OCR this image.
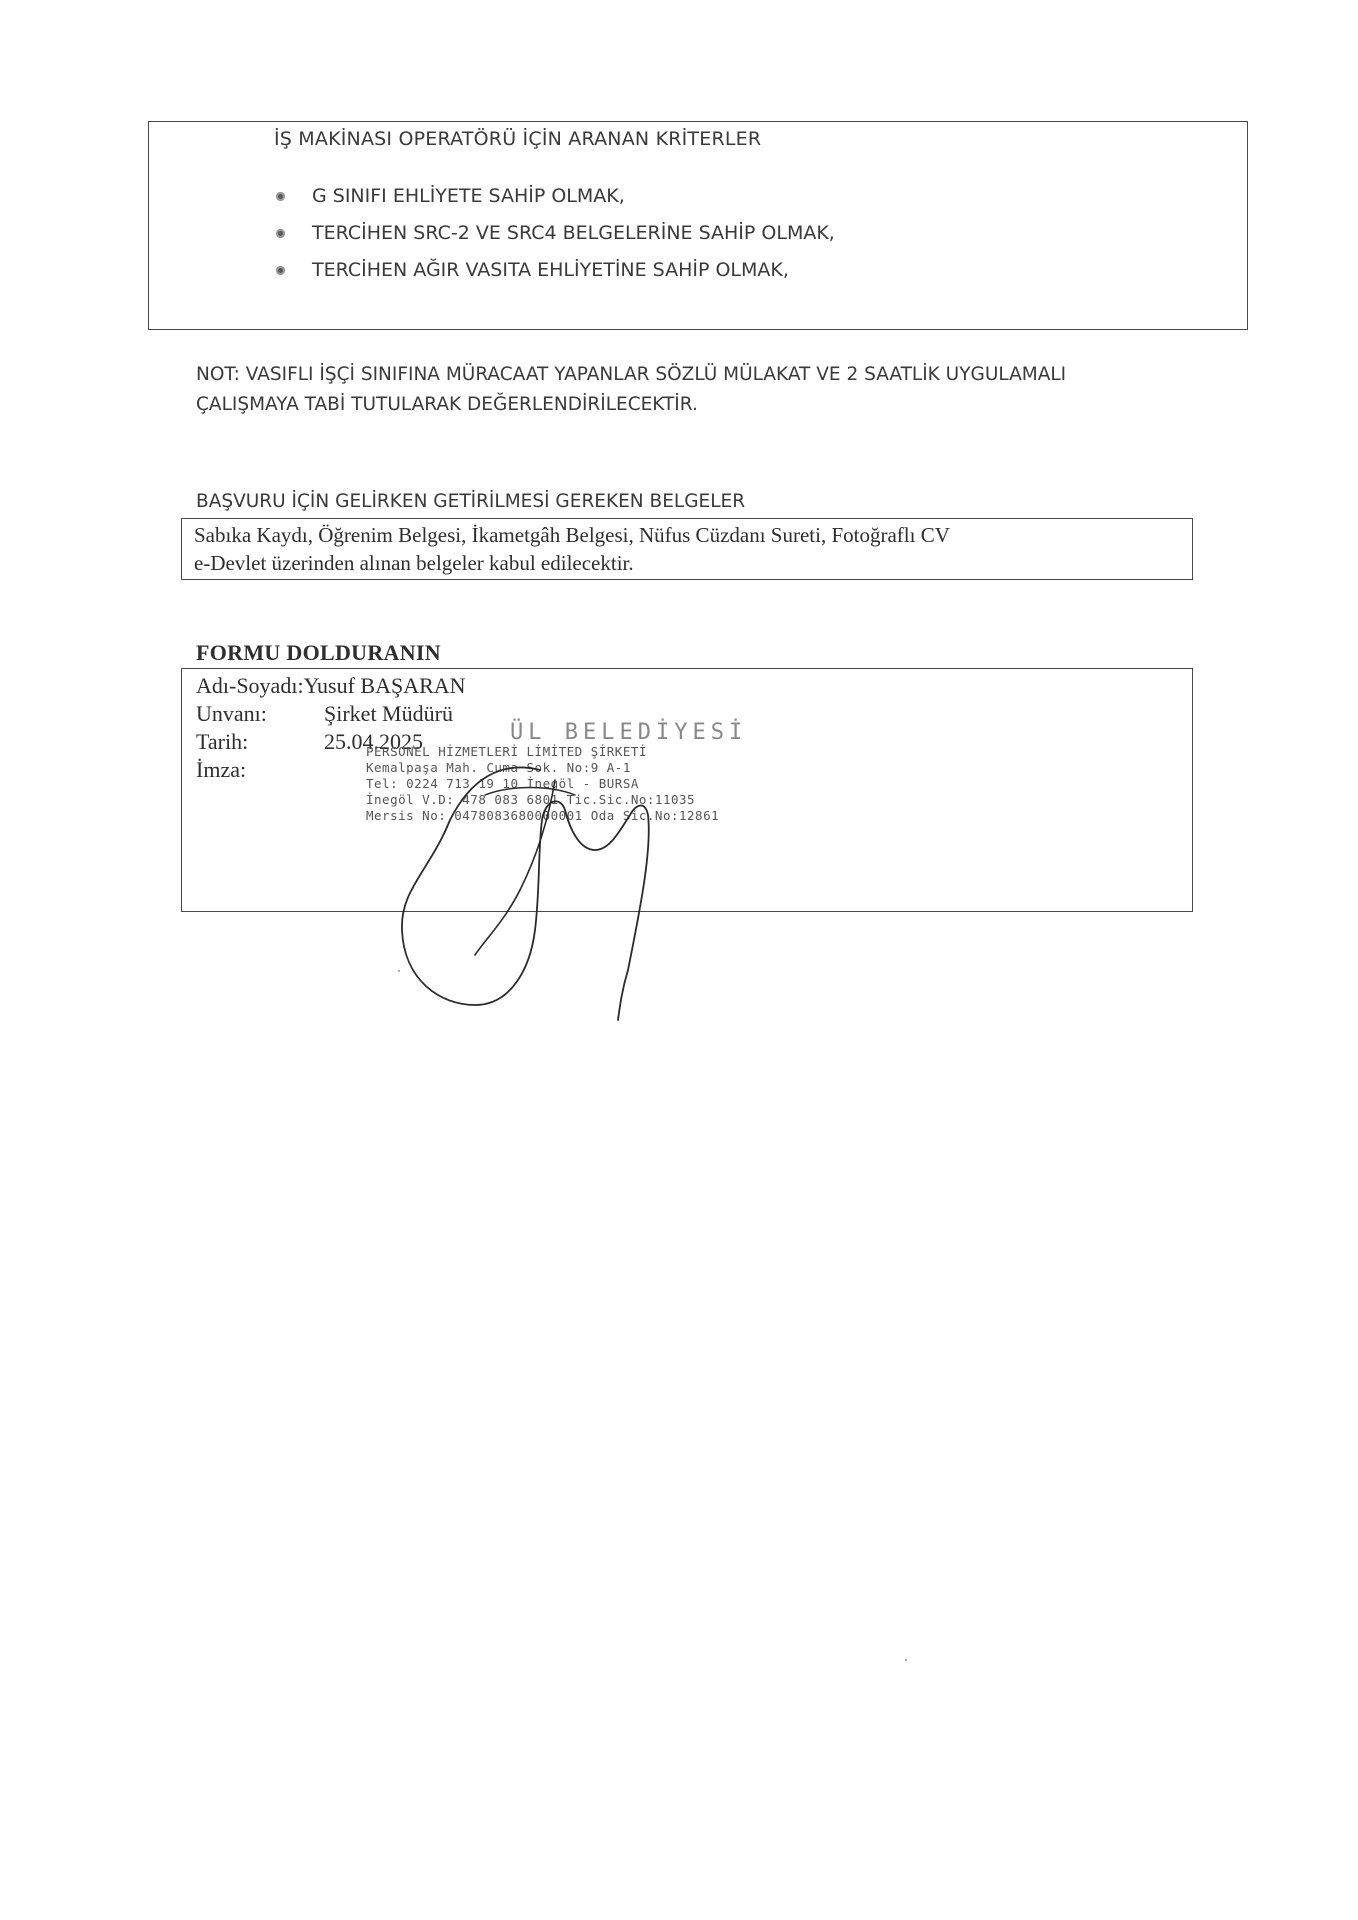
İŞ MAKİNASI OPERATÖRÜ İÇİN ARANAN KRİTERLER
G SINIFI EHLİYETE SAHİP OLMAK,
TERCİHEN SRC-2 VE SRC4 BELGELERİNE SAHİP OLMAK,
TERCİHEN AĞIR VASITA EHLİYETİNE SAHİP OLMAK,
NOT: VASIFLI İŞÇİ SINIFINA MÜRACAAT YAPANLAR SÖZLÜ MÜLAKAT VE 2 SAATLİK UYGULAMALI
ÇALIŞMAYA TABİ TUTULARAK DEĞERLENDİRİLECEKTİR.
BAŞVURU İÇİN GELİRKEN GETİRİLMESİ GEREKEN BELGELER
Sabıka Kaydı, Öğrenim Belgesi, İkametgâh Belgesi, Nüfus Cüzdanı Sureti, Fotoğraflı CV
e-Devlet üzerinden alınan belgeler kabul edilecektir.
FORMU DOLDURANIN
Adı-Soyadı:Yusuf BAŞARAN
Unvanı:	Şirket Müdürü
Tarih:	25.04.2025
İmza:
ÜL BELEDİYESİ
PERSONEL HİZMETLERİ LİMİTED ŞİRKETİ
Kemalpaşa Mah. Cuma Sok. No:9 A-1
Tel: 0224 713 19 10 İnegöl - BURSA
İnegöl V.D: 478 083 6801 Tic.Sic.No:11035
Mersis No: 0478083680000001 Oda Sic.No:12861
